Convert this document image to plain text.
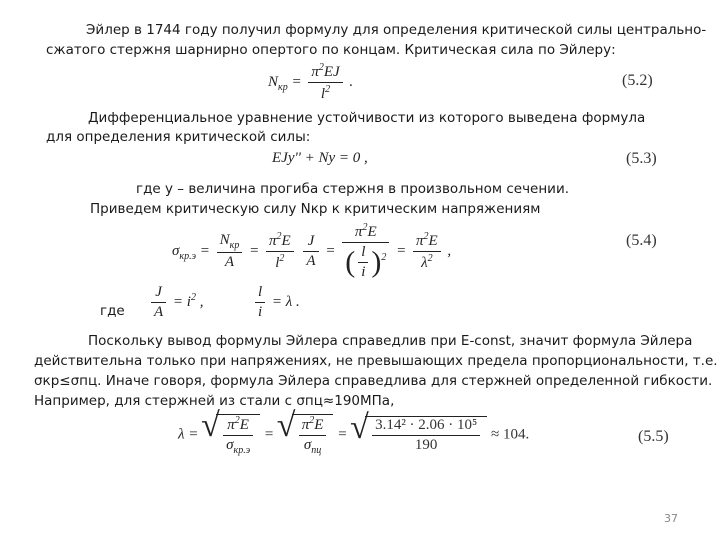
Эйлер в 1744 году получил формулу для определения критической силы центрально-
сжатого стержня шарнирно опертого по концам. Критическая сила по Эйлеру:
$N_{кр} = \frac{\pi^2EJ}{l^2}$ .	(5.2)
Дифференциальное уравнение устойчивости из которого выведена формула
для определения критической силы:
EJy'' + Ny = 0 ,	(5.3)
где y – величина прогиба стержня в произвольном сечении.
Приведем критическую силу Nкр к критическим напряжениям
$\sigma_{кр.э} = \frac{N_{кр}}{A} = \frac{\pi^2E}{l^2}$
$\frac{J}{A} = \frac{\pi^2E}{( \frac{l}{i} )^2} = \frac{\pi^2E}{\lambda^2}$ ,
(5.4)
где $\frac{J}{A} = i^2$ ,	$\frac{l}{i} = \lambda$ .
Поскольку вывод формулы Эйлера справедлив при E-const, значит формула Эйлера
действительна только при напряжениях, не превышающих предела пропорциональности, т.е.
σкр≤σпц. Иначе говоря, формула Эйлера справедлива для стержней определенной гибкости.
Например, для стержней из стали с σпц≈190МПа,
λ = √ $\frac{\pi^2E}{\sigma_{кр.э}}$ = √ $\frac{\pi^2E}{\sigma_{пц}}$ = √ $\frac{\text{3.14² · 2.06 · 10⁵}}{190} \approx 104$.	(5.5)
37
